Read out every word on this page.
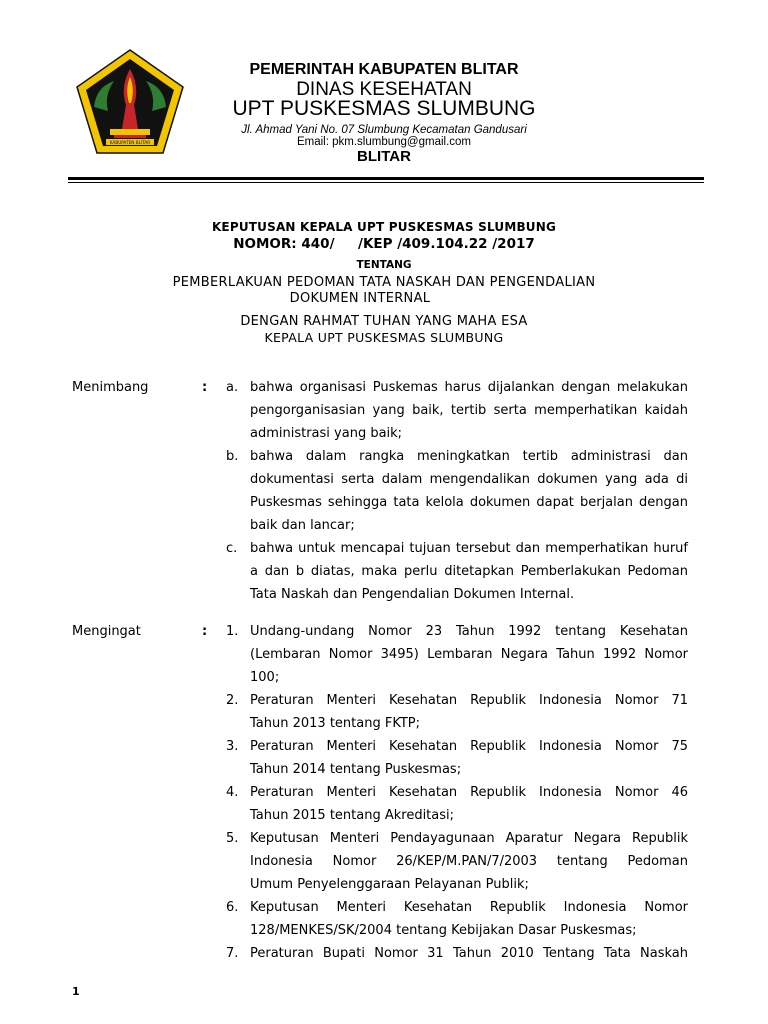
KABUPATEN BLITAR
PEMERINTAH KABUPATEN BLITAR
DINAS KESEHATAN
UPT PUSKESMAS SLUMBUNG
Jl. Ahmad Yani No. 07 Slumbung Kecamatan Gandusari
Email: pkm.slumbung@gmail.com
BLITAR
KEPUTUSAN KEPALA UPT PUSKESMAS SLUMBUNG
NOMOR: 440/     /KEP /409.104.22 /2017
TENTANG
PEMBERLAKUAN PEDOMAN TATA NASKAH DAN PENGENDALIAN
DOKUMEN INTERNAL
DENGAN RAHMAT TUHAN YANG MAHA ESA
KEPALA UPT PUSKESMAS SLUMBUNG
Menimbang	: a. bahwa organisasi Puskemas harus dijalankan dengan melakukan
pengorganisasian yang baik, tertib serta memperhatikan kaidah
administrasi yang baik;
b. bahwa dalam rangka meningkatkan tertib administrasi dan
dokumentasi serta dalam mengendalikan dokumen yang ada di
Puskesmas sehingga tata kelola dokumen dapat berjalan dengan
baik dan lancar;
c. bahwa untuk mencapai tujuan tersebut dan memperhatikan huruf
a dan b diatas, maka perlu ditetapkan Pemberlakukan Pedoman
Tata Naskah dan Pengendalian Dokumen Internal.
Mengingat	: 1. Undang-undang Nomor 23 Tahun 1992 tentang Kesehatan
(Lembaran Nomor 3495) Lembaran Negara Tahun 1992 Nomor
100;
2. Peraturan Menteri Kesehatan Republik Indonesia Nomor 71
Tahun 2013 tentang FKTP;
3. Peraturan Menteri Kesehatan Republik Indonesia Nomor 75
Tahun 2014 tentang Puskesmas;
4. Peraturan Menteri Kesehatan Republik Indonesia Nomor 46
Tahun 2015 tentang Akreditasi;
5. Keputusan Menteri Pendayagunaan Aparatur Negara Republik
Indonesia Nomor 26/KEP/M.PAN/7/2003 tentang Pedoman
Umum Penyelenggaraan Pelayanan Publik;
6. Keputusan Menteri Kesehatan Republik Indonesia Nomor
128/MENKES/SK/2004 tentang Kebijakan Dasar Puskesmas;
7. Peraturan Bupati Nomor 31 Tahun 2010 Tentang Tata Naskah
1
